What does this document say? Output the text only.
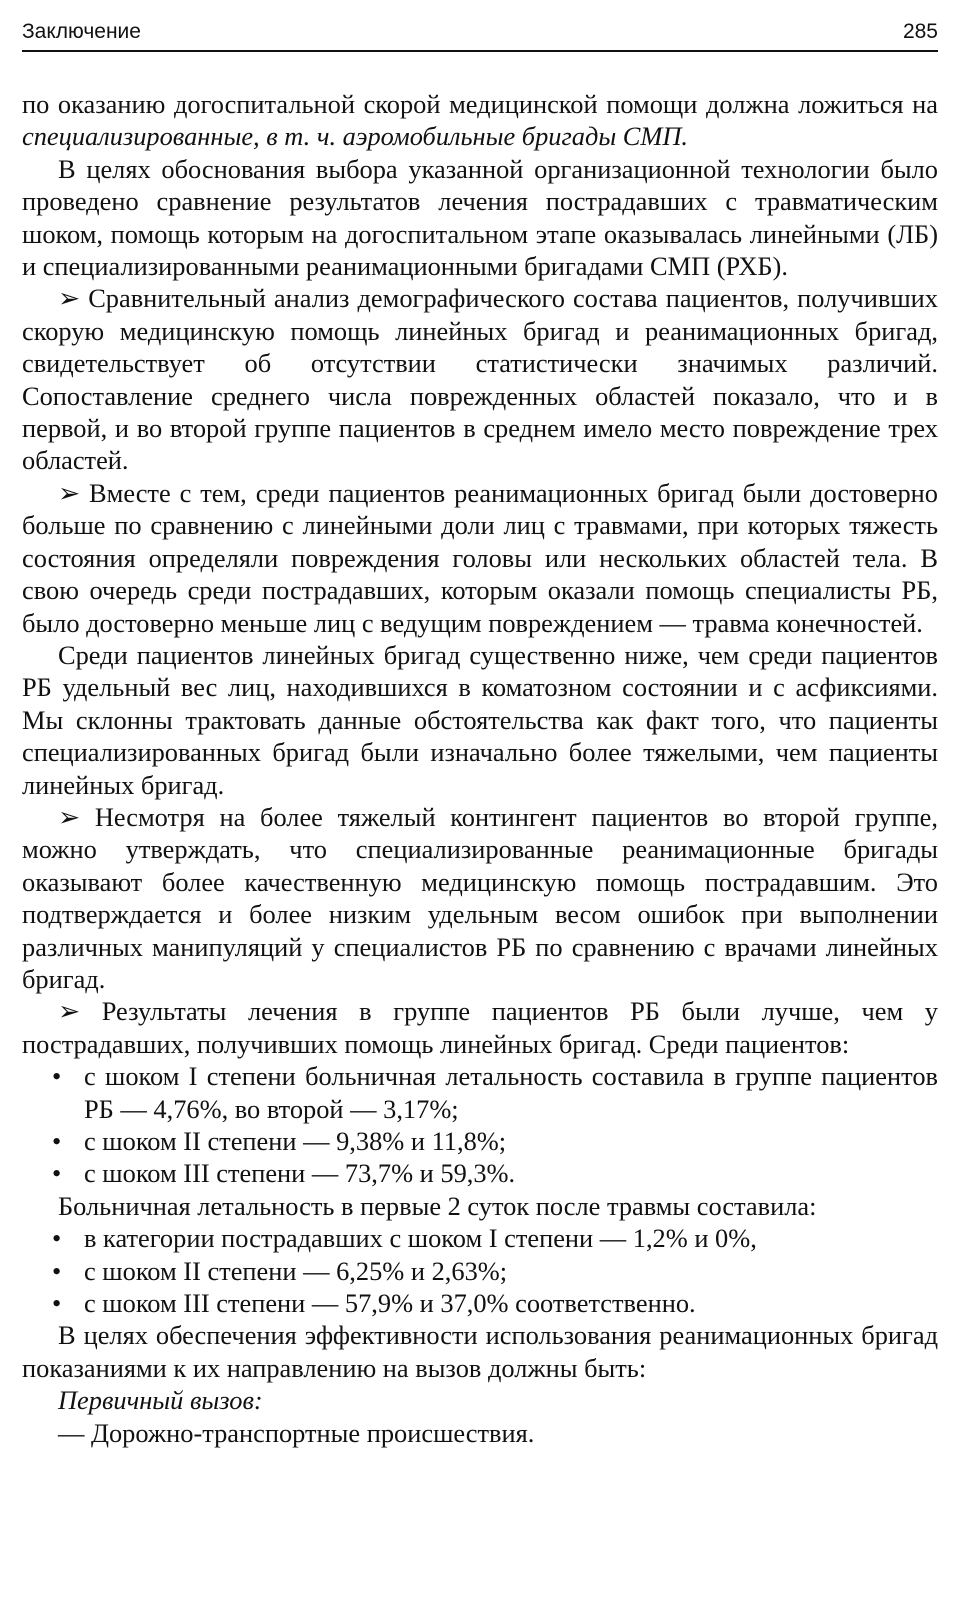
Заключение	285

по оказанию догоспитальной скорой медицинской помощи должна ложиться на специализированные, в т. ч. аэромобильные бригады СМП.

В целях обоснования выбора указанной организационной технологии было проведено сравнение результатов лечения пострадавших с травматическим шоком, помощь которым на догоспитальном этапе оказывалась линейными (ЛБ) и специализированными реанимационными бригадами СМП (РХБ).

➢ Сравнительный анализ демографического состава пациентов, получивших скорую медицинскую помощь линейных бригад и реанимационных бригад, свидетельствует об отсутствии статистически значимых различий. Сопоставление среднего числа поврежденных областей показало, что и в первой, и во второй группе пациентов в среднем имело место повреждение трех областей.

➢ Вместе с тем, среди пациентов реанимационных бригад были достоверно больше по сравнению с линейными доли лиц с травмами, при которых тяжесть состояния определяли повреждения головы или нескольких областей тела. В свою очередь среди пострадавших, которым оказали помощь специалисты РБ, было достоверно меньше лиц с ведущим повреждением — травма конечностей.

Среди пациентов линейных бригад существенно ниже, чем среди пациентов РБ удельный вес лиц, находившихся в коматозном состоянии и с асфиксиями. Мы склонны трактовать данные обстоятельства как факт того, что пациенты специализированных бригад были изначально более тяжелыми, чем пациенты линейных бригад.

➢ Несмотря на более тяжелый контингент пациентов во второй группе, можно утверждать, что специализированные реанимационные бригады оказывают более качественную медицинскую помощь пострадавшим. Это подтверждается и более низким удельным весом ошибок при выполнении различных манипуляций у специалистов РБ по сравнению с врачами линейных бригад.

➢ Результаты лечения в группе пациентов РБ были лучше, чем у пострадавших, получивших помощь линейных бригад. Среди пациентов:

• с шоком I степени больничная летальность составила в группе пациентов РБ — 4,76%, во второй — 3,17%;
• с шоком II степени — 9,38% и 11,8%;
• с шоком III степени — 73,7% и 59,3%.

Больничная летальность в первые 2 суток после травмы составила:

• в категории пострадавших с шоком I степени — 1,2% и 0%,
• с шоком II степени — 6,25% и 2,63%;
• с шоком III степени — 57,9% и 37,0% соответственно.

В целях обеспечения эффективности использования реанимационных бригад показаниями к их направлению на вызов должны быть:

Первичный вызов:

— Дорожно-транспортные происшествия.
